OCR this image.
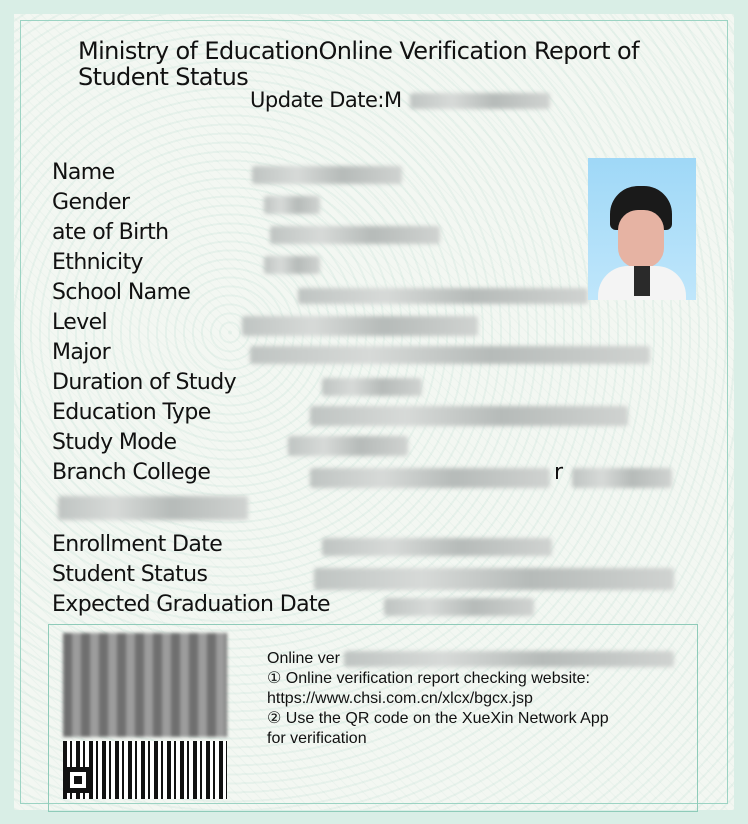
Ministry of EducationOnline Verification Report of Student Status
Update Date:M
Name
Gender
ate of Birth
Ethnicity
School Name
Level
Major
Duration of Study
Education Type
Study Mode
Branch College	r
Enrollment Date
Student Status
Expected Graduation Date
Online ver
① Online verification report checking website:
https://www.chsi.com.cn/xlcx/bgcx.jsp
② Use the QR code on the XueXin Network App
for verification
